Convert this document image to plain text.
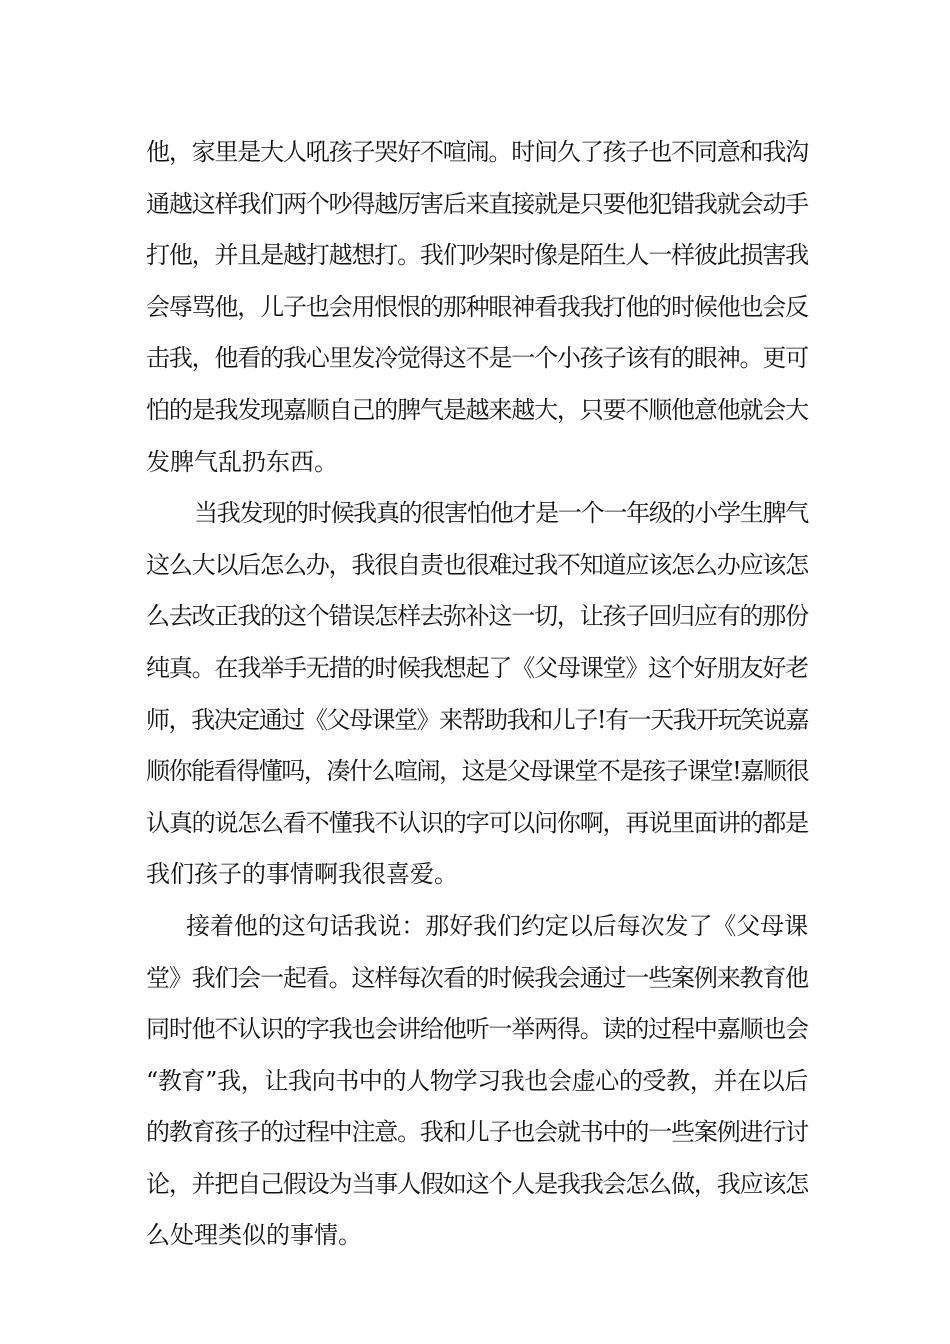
他，家里是大人吼孩子哭好不喧闹。时间久了孩子也不同意和我沟
通越这样我们两个吵得越厉害后来直接就是只要他犯错我就会动手
打他，并且是越打越想打。我们吵架时像是陌生人一样彼此损害我
会辱骂他，儿子也会用恨恨的那种眼神看我我打他的时候他也会反
击我，他看的我心里发冷觉得这不是一个小孩子该有的眼神。更可
怕的是我发现嘉顺自己的脾气是越来越大，只要不顺他意他就会大
发脾气乱扔东西。

当我发现的时候我真的很害怕他才是一个一年级的小学生脾气
这么大以后怎么办，我很自责也很难过我不知道应该怎么办应该怎
么去改正我的这个错误怎样去弥补这一切，让孩子回归应有的那份
纯真。在我举手无措的时候我想起了《父母课堂》这个好朋友好老
师，我决定通过《父母课堂》来帮助我和儿子!有一天我开玩笑说嘉
顺你能看得懂吗，凑什么喧闹，这是父母课堂不是孩子课堂!嘉顺很
认真的说怎么看不懂我不认识的字可以问你啊，再说里面讲的都是
我们孩子的事情啊我很喜爱。

接着他的这句话我说：那好我们约定以后每次发了《父母课
堂》我们会一起看。这样每次看的时候我会通过一些案例来教育他
同时他不认识的字我也会讲给他听一举两得。读的过程中嘉顺也会
“教育”我，让我向书中的人物学习我也会虚心的受教，并在以后
的教育孩子的过程中注意。我和儿子也会就书中的一些案例进行讨
论，并把自己假设为当事人假如这个人是我我会怎么做，我应该怎
么处理类似的事情。
